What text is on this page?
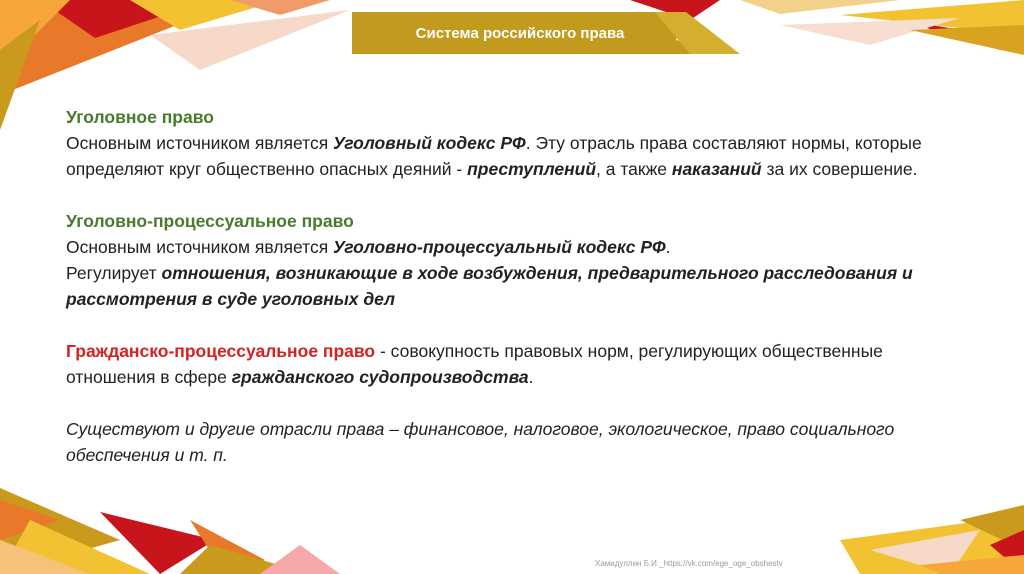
Система российского права

Уголовное право
Основным источником является Уголовный кодекс РФ. Эту отрасль права составляют нормы, которые определяют круг общественно опасных деяний - преступлений, а также наказаний за их совершение.

Уголовно-процессуальное право
Основным источником является Уголовно-процессуальный кодекс РФ.
Регулирует отношения, возникающие в ходе возбуждения, предварительного расследования и рассмотрения в суде уголовных дел

Гражданско-процессуальное право - совокупность правовых норм, регулирующих общественные отношения в сфере гражданского судопроизводства.

Существуют и другие отрасли права – финансовое, налоговое, экологическое, право социального обеспечения и т. п.

Хамидуллин Б.И._https://vk.com/ege_oge_obshestv
